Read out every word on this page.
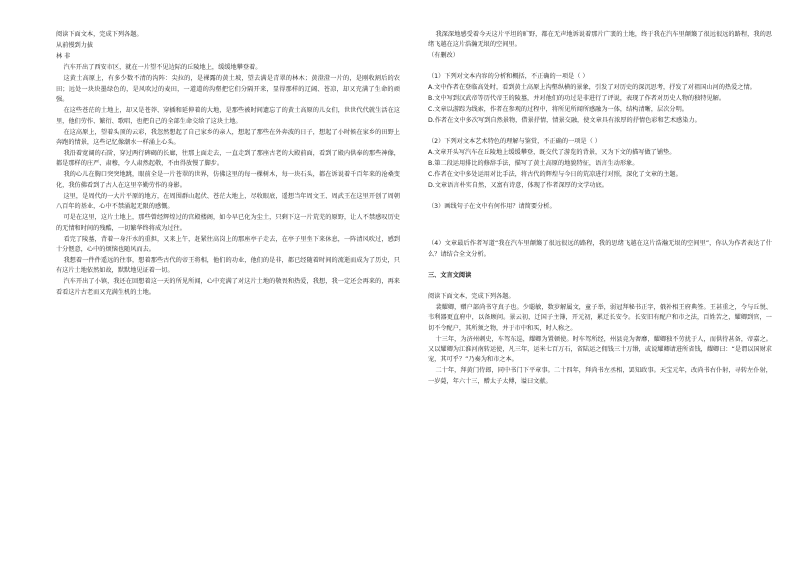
阅读下面文本，完成下列各题。

从前慢到力拔

林 非

汽车开出了西安市区，就在一片望不见边际的丘陵地上，缓缓地攀登着。

这黄土高原上，有多少数不清的沟阵：尖拉的，是裸露的黄土坡，望去满是青翠的林木；黄澄澄一片的，是刚收割后的农田；远处一块块墨绿色的，是风吹过的麦田，一道道的沟壑把它们分隔开来，显得那样的辽阔、苍凉，却又充满了生命的顽强。

在这些苍茫的土地上，却又是苍莽、穿插和延伸着的大地，是那些被时间遗忘了的黄土高原的儿女们，世世代代就生活在这里，他们劳作、繁衍、歌唱，也把自己的全部生命交给了这块土地。

在这高原上，望着头顶的云彩，我忽然想起了自己家乡的亲人，想起了那些在外奔波的日子，想起了小时候在家乡的田野上奔跑的情景，这些记忆像潮水一样涌上心头。

我沿着宽阔的石阶，穿过两行碑碣的长廊，往那上面走去，一直走到了那座古老的大殿前面，看到了殿内供奉的那些神像，都是那样的庄严、肃穆，令人肃然起敬，不由得放慢了脚步。

我的心儿在胸口突突地跳，眼前全是一片苍翠的世界，仿佛这里的每一棵树木，每一块石头，都在诉说着千百年来的沧桑变化，我仿佛看到了古人在这里辛勤劳作的身影。

这里，是周代的一大片平原的地方，在周围群山起伏、苍茫大地上，尽收眼底，遥想当年周文王、周武王在这里开创了周朝八百年的基业，心中不禁涌起无限的感慨。

可是在这里，这片土地上，那些曾经辉煌过的宫殿楼阁，如今早已化为尘土，只剩下这一片荒芜的原野，让人不禁感叹历史的无情和时间的残酷，一切繁华终将成为过往。

看完了陵墓，背着一身汗水的重担，又来上午，赶紧往高岗上的那座亭子走去，在亭子里坐下来休息，一阵清风吹过，感到十分惬意，心中的烦恼也随风而去。

我想着一件件遥远的往事，想着那些古代的帝王将相，他们的功业，他们的是非，都已经随着时间的流逝而成为了历史，只有这片土地依然如故，默默地见证着一切。

汽车开出了小镇，我还在回想着这一天的所见所闻，心中充满了对这片土地的敬畏和热爱，我想，我一定还会再来的，再来看看这片古老而又充满生机的土地。

我深深地感受着今天这片平坦的旷野，都在无声地诉说着那片广袤的土地，终于我在汽车里颠簸了很远很远的路程，我的思绪飞越在这片浩瀚无垠的空间里。

（有删改）

（1）下列对文本内容的分析和概括，不正确的一项是（ ）

A.文中作者在登临高处时，看到黄土高原上沟壑纵横的景象，引发了对历史的深沉思考，抒发了对祖国山河的热爱之情。

B.文中写到汉武帝等历代帝王的陵墓，并对他们的功过是非进行了评说，表现了作者对历史人物的独特见解。

C.文章以游踪为线索，作者在参观的过程中，将所见所闻所感融为一体，结构清晰，层次分明。

D.作者在文中多次写到自然景物，借景抒情，情景交融，使文章具有浓厚的抒情色彩和艺术感染力。

（2）下列对文本艺术特色的理解与鉴赏，不正确的一项是（ ）

A.文章开头写汽车在丘陵地上缓缓攀登，既交代了游览的背景，又为下文的描写做了铺垫。

B.第二段运用排比的修辞手法，描写了黄土高原的地貌特征，语言生动形象。

C.作者在文中多处运用对比手法，将古代的辉煌与今日的荒凉进行对照，深化了文章的主题。

D.文章语言朴实自然，又富有诗意，体现了作者深厚的文学功底。

（3）画线句子在文中有何作用？请简要分析。

（4）文章最后作者写道“我在汽车里颠簸了很远很远的路程，我的思绪飞越在这片浩瀚无垠的空间里”，你认为作者表达了什么？请结合全文分析。

三、文言文阅读

阅读下面文本，完成下列各题。

裴耀卿，赠户部尚书守真子也。少聪敏，数岁解属文，童子举，弱冠拜秘书正字，俄补相王府典签。王甚重之，令与丘悦、韦利器更直府中，以备顾问。景云初，迁国子主簿，开元初，累迁长安令。长安旧有配户和市之法，百姓苦之，耀卿到官，一切不令配户，其所须之物，并于市中和买，时人称之。

十三年，为济州刺史，车驾东巡，耀卿为置顿使。时车驾所经，州县竞为奢靡，耀卿独不劳扰于人，而供待甚备，帝嘉之。又以耀卿为江淮河南转运使，凡三年，运米七百万石，省陆运之佣钱三十万缗，或说耀卿请进所省钱，耀卿曰：“是谓以国财求宠，其可乎？”乃奏为和市之本。

二十年，拜黄门侍郎，同中书门下平章事。二十四年，拜尚书左丞相，罢知政事。天宝元年，改尚书右仆射，寻转左仆射，一岁薨，年六十三，赠太子太傅，谥曰文献。
